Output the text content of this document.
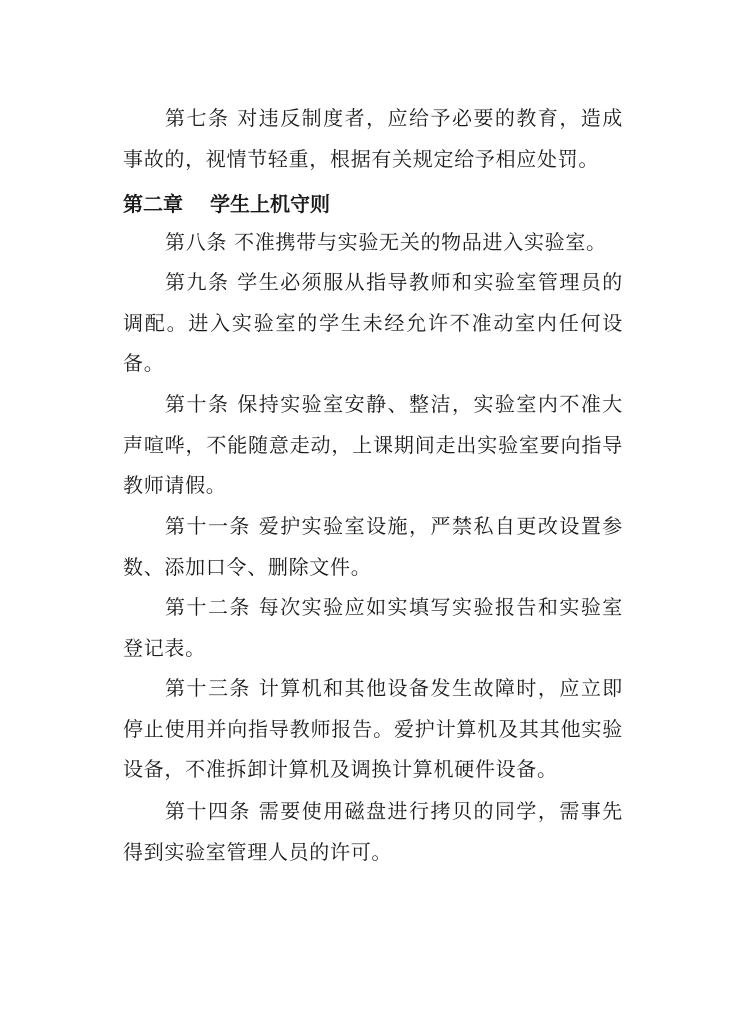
第七条 对违反制度者，应给予必要的教育，造成事故的，视情节轻重，根据有关规定给予相应处罚。

第二章　 学生上机守则

第八条 不准携带与实验无关的物品进入实验室。

第九条 学生必须服从指导教师和实验室管理员的调配。进入实验室的学生未经允许不准动室内任何设备。

第十条 保持实验室安静、整洁，实验室内不准大声喧哗，不能随意走动，上课期间走出实验室要向指导教师请假。

第十一条 爱护实验室设施，严禁私自更改设置参数、添加口令、删除文件。

第十二条 每次实验应如实填写实验报告和实验室登记表。

第十三条 计算机和其他设备发生故障时，应立即停止使用并向指导教师报告。爱护计算机及其其他实验设备，不准拆卸计算机及调换计算机硬件设备。

第十四条 需要使用磁盘进行拷贝的同学，需事先得到实验室管理人员的许可。
